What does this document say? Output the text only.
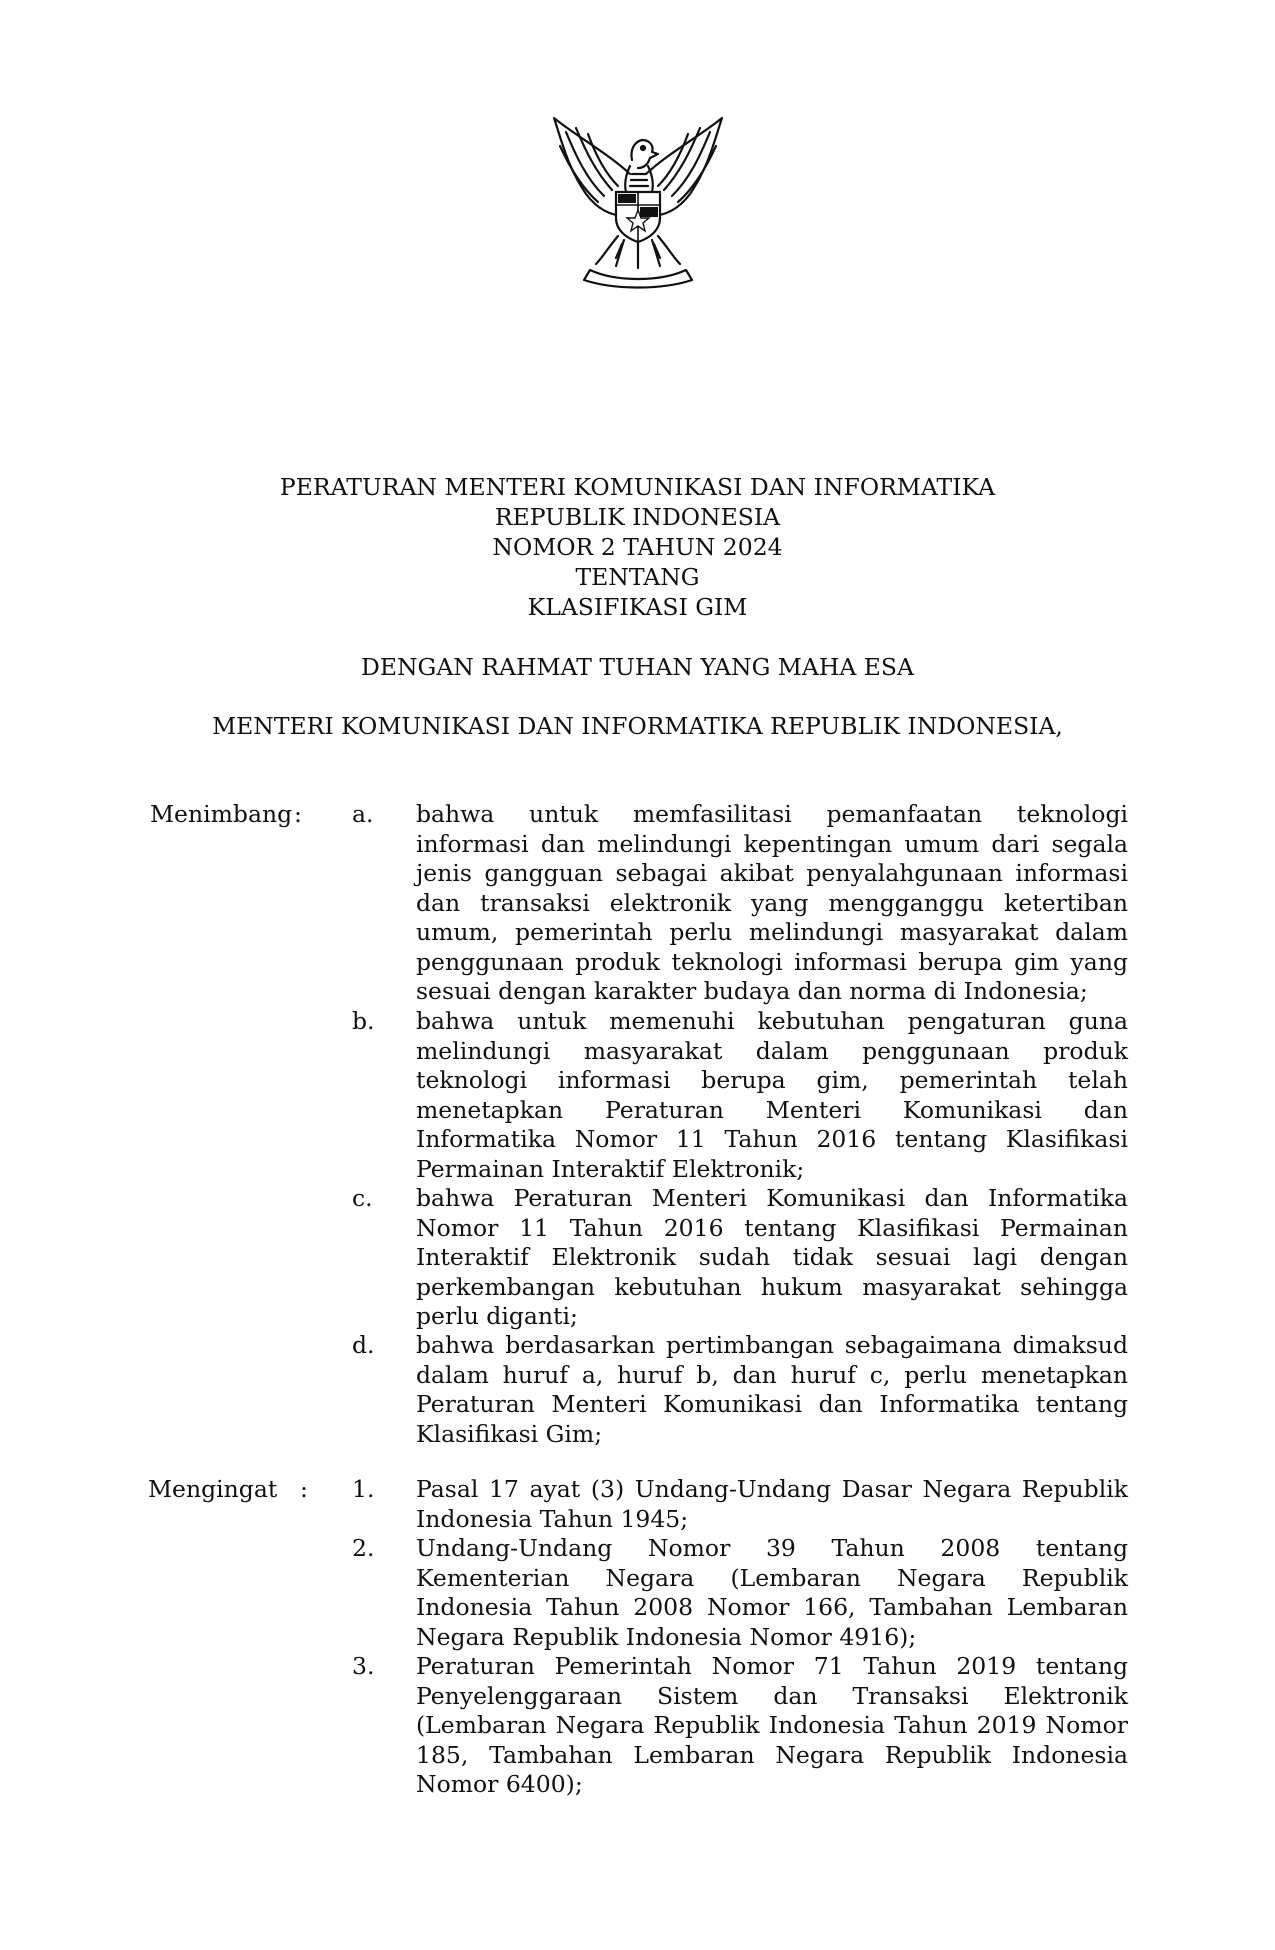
PERATURAN MENTERI KOMUNIKASI DAN INFORMATIKA
REPUBLIK INDONESIA
NOMOR 2 TAHUN 2024
TENTANG
KLASIFIKASI GIM
DENGAN RAHMAT TUHAN YANG MAHA ESA
MENTERI KOMUNIKASI DAN INFORMATIKA REPUBLIK INDONESIA,
Menimbang : a. bahwa untuk memfasilitasi pemanfaatan teknologi
informasi dan melindungi kepentingan umum dari segala
jenis gangguan sebagai akibat penyalahgunaan informasi
dan transaksi elektronik yang mengganggu ketertiban
umum, pemerintah perlu melindungi masyarakat dalam
penggunaan produk teknologi informasi berupa gim yang
sesuai dengan karakter budaya dan norma di Indonesia;
b. bahwa untuk memenuhi kebutuhan pengaturan guna
melindungi masyarakat dalam penggunaan produk
teknologi informasi berupa gim, pemerintah telah
menetapkan Peraturan Menteri Komunikasi dan
Informatika Nomor 11 Tahun 2016 tentang Klasifikasi
Permainan Interaktif Elektronik;
c. bahwa Peraturan Menteri Komunikasi dan Informatika
Nomor 11 Tahun 2016 tentang Klasifikasi Permainan
Interaktif Elektronik sudah tidak sesuai lagi dengan
perkembangan kebutuhan hukum masyarakat sehingga
perlu diganti;
d. bahwa berdasarkan pertimbangan sebagaimana dimaksud
dalam huruf a, huruf b, dan huruf c, perlu menetapkan
Peraturan Menteri Komunikasi dan Informatika tentang
Klasifikasi Gim;
Mengingat : 1. Pasal 17 ayat (3) Undang-Undang Dasar Negara Republik
Indonesia Tahun 1945;
2. Undang-Undang Nomor 39 Tahun 2008 tentang
Kementerian Negara (Lembaran Negara Republik
Indonesia Tahun 2008 Nomor 166, Tambahan Lembaran
Negara Republik Indonesia Nomor 4916);
3. Peraturan Pemerintah Nomor 71 Tahun 2019 tentang
Penyelenggaraan Sistem dan Transaksi Elektronik
(Lembaran Negara Republik Indonesia Tahun 2019 Nomor
185, Tambahan Lembaran Negara Republik Indonesia
Nomor 6400);
